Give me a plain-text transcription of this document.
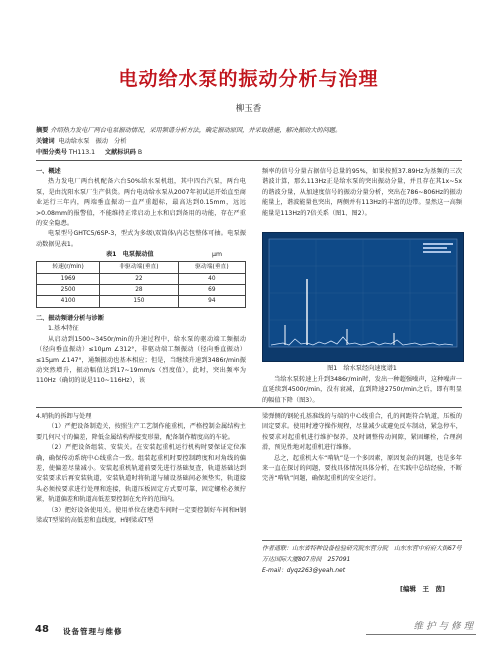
电动给水泵的振动分析与治理
柳玉香
摘要 介绍热力发电厂两台电泵振动情况，采用频谱分析方法，确定振动原因，并采取措施，解决振动大的问题。
关键词 电动给水泵　振动　分析
中图分类号 TH113.1 文献标识码 B

一、概述

热力发电厂两台机配备六台50%给水泵机组，其中四台汽泵，两台电泵，是由沈阳水泵厂生产供货。两台电动给水泵从2007年初试运开始直至商业运行三年内，两端垂直振动一直严重超标，最高达到0.15mm，远远>0.08mm的报警值，不能维持正常启动上水和启到备用的功能，存在严重的安全隐患。

电泵型号GHTC5/6SP-3，型式为多级\双筒体\内芯包整体可抽。电泵振动数据见表1。

表1　电泵振动值	μm
转速(r/min)	非驱动端(垂直)	驱动端(垂直)
1969	22	40
2500	28	69
4100	150	94

二、振动频谱分析与诊断

1.基本特征

从启动到1500~3450r/min的升速过程中，给水泵的驱动端工频振动（径向垂直振动）≤10μm ∠312°，非驱动端工频振动（径向垂直振动）≤15μm ∠147°，通频振动也基本相应；但是，当继续升速到3486r/min振动突然增升，振动幅值达到17~19mm/s（烈度值），此时，突出频率为110Hz（确切的说是110~116Hz），该

频率的信号分量占据信号总量的95%，如果按照37.89Hz为基频的三次谐波计算，那么113Hz正是给水泵的突出振动分量，并且存在其1x~5x的谐波分量，从加速度信号的振动分量分析，突出在786~806Hz的振动能量上，谐波能量也突出，两侧并有113Hz的丰富的边带。显然这一高频能量是113Hz的7倍关系（图1、图2）。

图1　给水泵经向速度谱1

当给水泵转速上升到3486r/min时，发出一种超强噪声，这种噪声一直延续到4500r/min，没有衰减，直到降速2750r/min之后，即有明显的幅值下降（图3）。

4.哨轨的拆卸与处理

（1）严把设备制造关，按照生产工艺制作能重机，严格控制金属结构主要几何尺寸的偏差，降低金属结构焊接变形量，配备制作精度高的车轮。

（2）严把设备组装、安装关。在安装起重机运行机构时要保证定位准确，确保传动系统中心线重合一致。组装起重机时要控制跨度和对角线的偏差，使偏差尽量减小。安装起重机轨道前要先进行基础复查，轨道基础达到安装要求后再安装轨道，安装轨道时将轨道与辅设基础间必须垫实，轨道接头必须按要求进行处理和连接，轨道压板固定方式要可靠，固定螺栓必须拧紧，轨道偏差和轨道高低差要控制在允许的范围内。

（3）把好设备使用关。使用单位在建造车间时一定要控制好车间和H钢梁或T型梁的高低差和直线度，H钢梁或T型

梁弹侧的钢轮孔基准线的与端的中心线重合，孔的间距符合轨道，压板的固定要求。使用时遵守操作规程，尽量减少或避免反车制动，紧急停车，按要求对起重机进行维护保养，及时调整传动间隙，紧固螺栓，合理润滑，预见性地对起重机进行维修。

总之，起重机大车“啃轨”是一个多因素，原因复杂的问题，也是多年来一直在探讨的问题，要找具体情况具体分析，在实践中总结经验，不断完善“啃轨”问题，确保起重机的安全运行。

作者通联：山东省特种设备检验研究院东营分院　山东东营中府府大街67号万达国际大厦807房间　257091
E-mail：dyqz263@yeah.net
[编辑　王　茵]
48 设备管理与维修	维护与修理
